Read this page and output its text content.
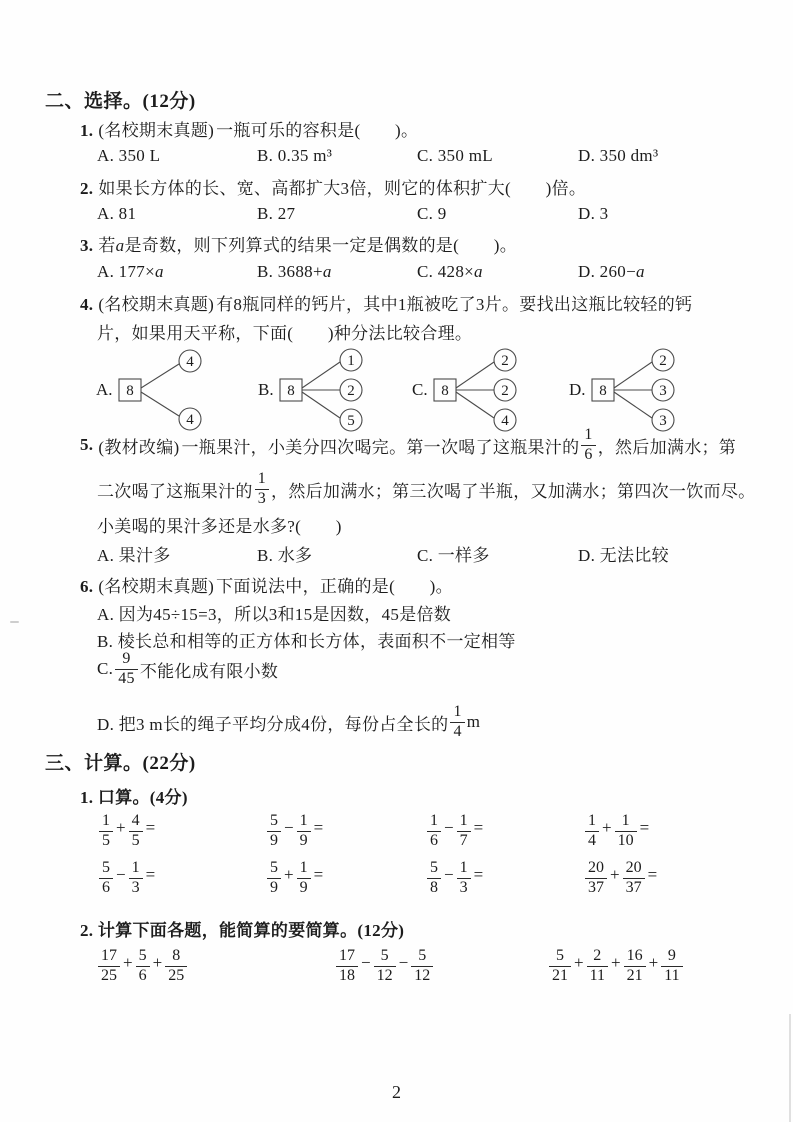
二、选择。(12分)
1. (名校期末真题) 一瓶可乐的容积是(　　)。
A. 350 L	B. 0.35 m³	C. 350 mL	D. 350 dm³
2. 如果长方体的长、宽、高都扩大3倍，则它的体积扩大(　　)倍。
A. 81	B. 27	C. 9	D. 3
3. 若a是奇数，则下列算式的结果一定是偶数的是(　　)。
A. 177×a	B. 3688+a	C. 428×a	D. 260−a
4. (名校期末真题) 有8瓶同样的钙片，其中1瓶被吃了3片。要找出这瓶比较轻的钙
片，如果用天平称，下面(　　)种分法比较合理。
A. 8
4
4
B. 8
1
2
5
C. 8
2
2
4
D. 8
2
3
3
5. (教材改编) 一瓶果汁，小美分四次喝完。第一次喝了这瓶果汁的 $\frac{1}{6}$ ，然后加满水；第
二次喝了这瓶果汁的 $\frac{1}{3}$ ，然后加满水；第三次喝了半瓶，又加满水；第四次一饮而尽。
小美喝的果汁多还是水多?(　　)
A. 果汁多	B. 水多	C. 一样多	D. 无法比较
6. (名校期末真题) 下面说法中，正确的是(　　)。
A. 因为45÷15=3，所以3和15是因数，45是倍数
B. 棱长总和相等的正方体和长方体，表面积不一定相等
C. $\frac{9}{45}$ 不能化成有限小数
D. 把3 m长的绳子平均分成4份，每份占全长的 $\frac{1}{4}$ m
三、计算。(22分)
1. 口算。(4分)
$\frac{1}{5} + \frac{4}{5}$ =	$\frac{5}{9} - \frac{1}{9}$ =	$\frac{1}{6} - \frac{1}{7}$ =	$\frac{1}{4} + \frac{1}{10}$ =
$\frac{5}{6} - \frac{1}{3}$ =	$\frac{5}{9} + \frac{1}{9}$ =	$\frac{5}{8} - \frac{1}{3}$ =	$\frac{20}{37} + \frac{20}{37}$ =
2. 计算下面各题，能简算的要简算。(12分)
$\frac{17}{25} + \frac{5}{6} + \frac{8}{25}$	$\frac{17}{18} - \frac{5}{12} - \frac{5}{12}$	$\frac{5}{21} + \frac{2}{11} + \frac{16}{21} + \frac{9}{11}$
2
